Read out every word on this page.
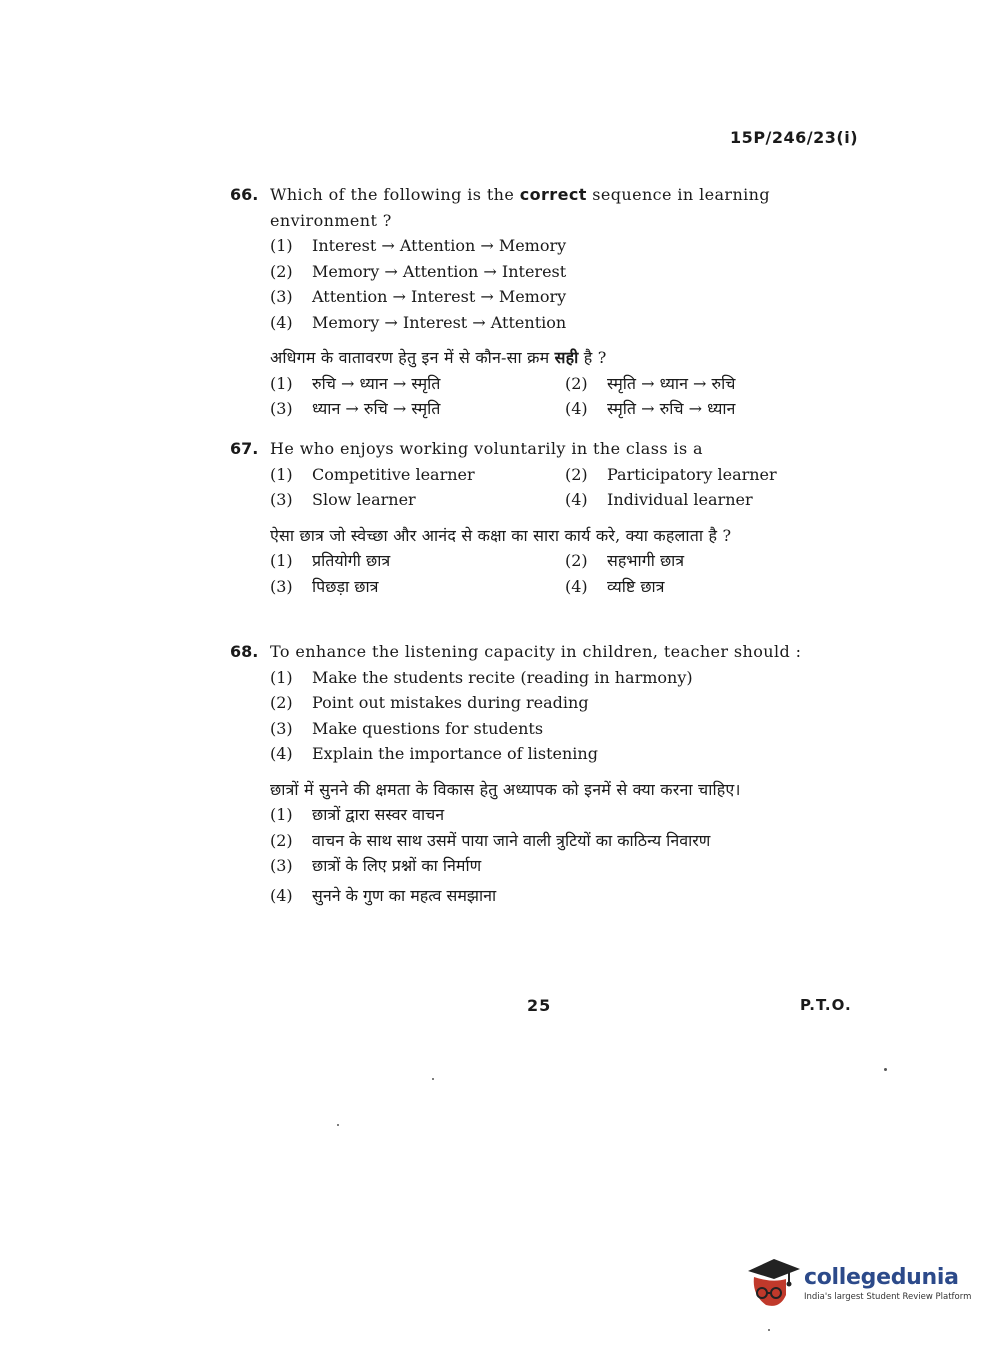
15P/246/23(i)
66. Which of the following is the correct sequence in learning environment ?
(1)	Interest → Attention → Memory
(2)	Memory → Attention → Interest
(3)	Attention → Interest → Memory
(4)	Memory → Interest → Attention
अधिगम के वातावरण हेतु इन में से कौन-सा क्रम सही है ?
(1)	रुचि → ध्यान → स्मृति	(2)	स्मृति → ध्यान → रुचि
(3)	ध्यान → रुचि → स्मृति	(4)	स्मृति → रुचि → ध्यान
67. He who enjoys working voluntarily in the class is a
(1)	Competitive learner	(2)	Participatory learner
(3)	Slow learner	(4)	Individual learner
ऐसा छात्र जो स्वेच्छा और आनंद से कक्षा का सारा कार्य करे, क्या कहलाता है ?
(1)	प्रतियोगी छात्र	(2)	सहभागी छात्र
(3)	पिछड़ा छात्र	(4)	व्यष्टि छात्र
68. To enhance the listening capacity in children, teacher should :
(1)	Make the students recite (reading in harmony)
(2)	Point out mistakes during reading
(3)	Make questions for students
(4)	Explain the importance of listening
छात्रों में सुनने की क्षमता के विकास हेतु अध्यापक को इनमें से क्या करना चाहिए।
(1)	छात्रों द्वारा सस्वर वाचन
(2)	वाचन के साथ साथ उसमें पाया जाने वाली त्रुटियों का काठिन्य निवारण
(3)	छात्रों के लिए प्रश्नों का निर्माण
(4)	सुनने के गुण का महत्व समझाना
25	P.T.O.
collegedunia
India's largest Student Review Platform
